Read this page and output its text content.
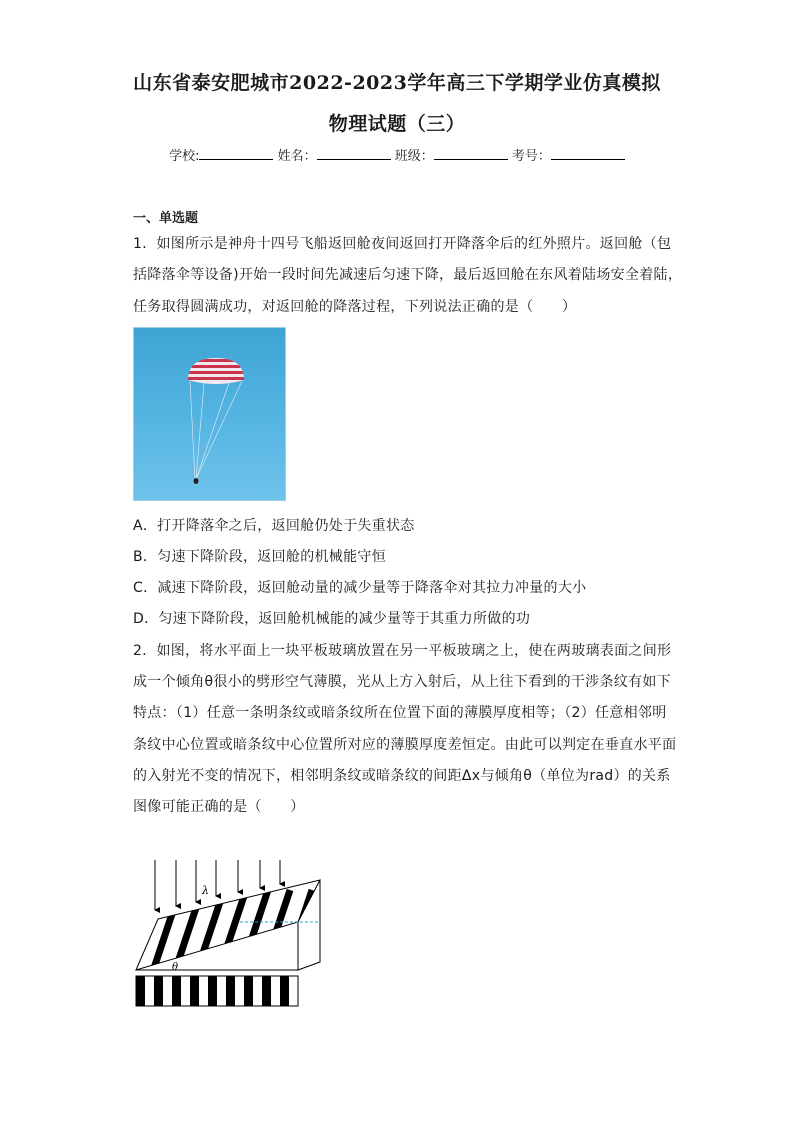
山东省泰安肥城市2022-2023学年高三下学期学业仿真模拟
物理试题（三）
学校:	姓名：	班级：	考号：
一、单选题
1．如图所示是神舟十四号飞船返回舱夜间返回打开降落伞后的红外照片。返回舱（包
括降落伞等设备)开始一段时间先减速后匀速下降，最后返回舱在东风着陆场安全着陆，
任务取得圆满成功，对返回舱的降落过程，下列说法正确的是（　　）
A．打开降落伞之后，返回舱仍处于失重状态
B．匀速下降阶段，返回舱的机械能守恒
C．减速下降阶段，返回舱动量的减少量等于降落伞对其拉力冲量的大小
D．匀速下降阶段，返回舱机械能的减少量等于其重力所做的功
2．如图，将水平面上一块平板玻璃放置在另一平板玻璃之上，使在两玻璃表面之间形
成一个倾角θ很小的劈形空气薄膜，光从上方入射后，从上往下看到的干涉条纹有如下
特点：（1）任意一条明条纹或暗条纹所在位置下面的薄膜厚度相等；（2）任意相邻明
条纹中心位置或暗条纹中心位置所对应的薄膜厚度差恒定。由此可以判定在垂直水平面
的入射光不变的情况下，相邻明条纹或暗条纹的间距Δx与倾角θ（单位为rad）的关系
图像可能正确的是（　　）
λ
θ
